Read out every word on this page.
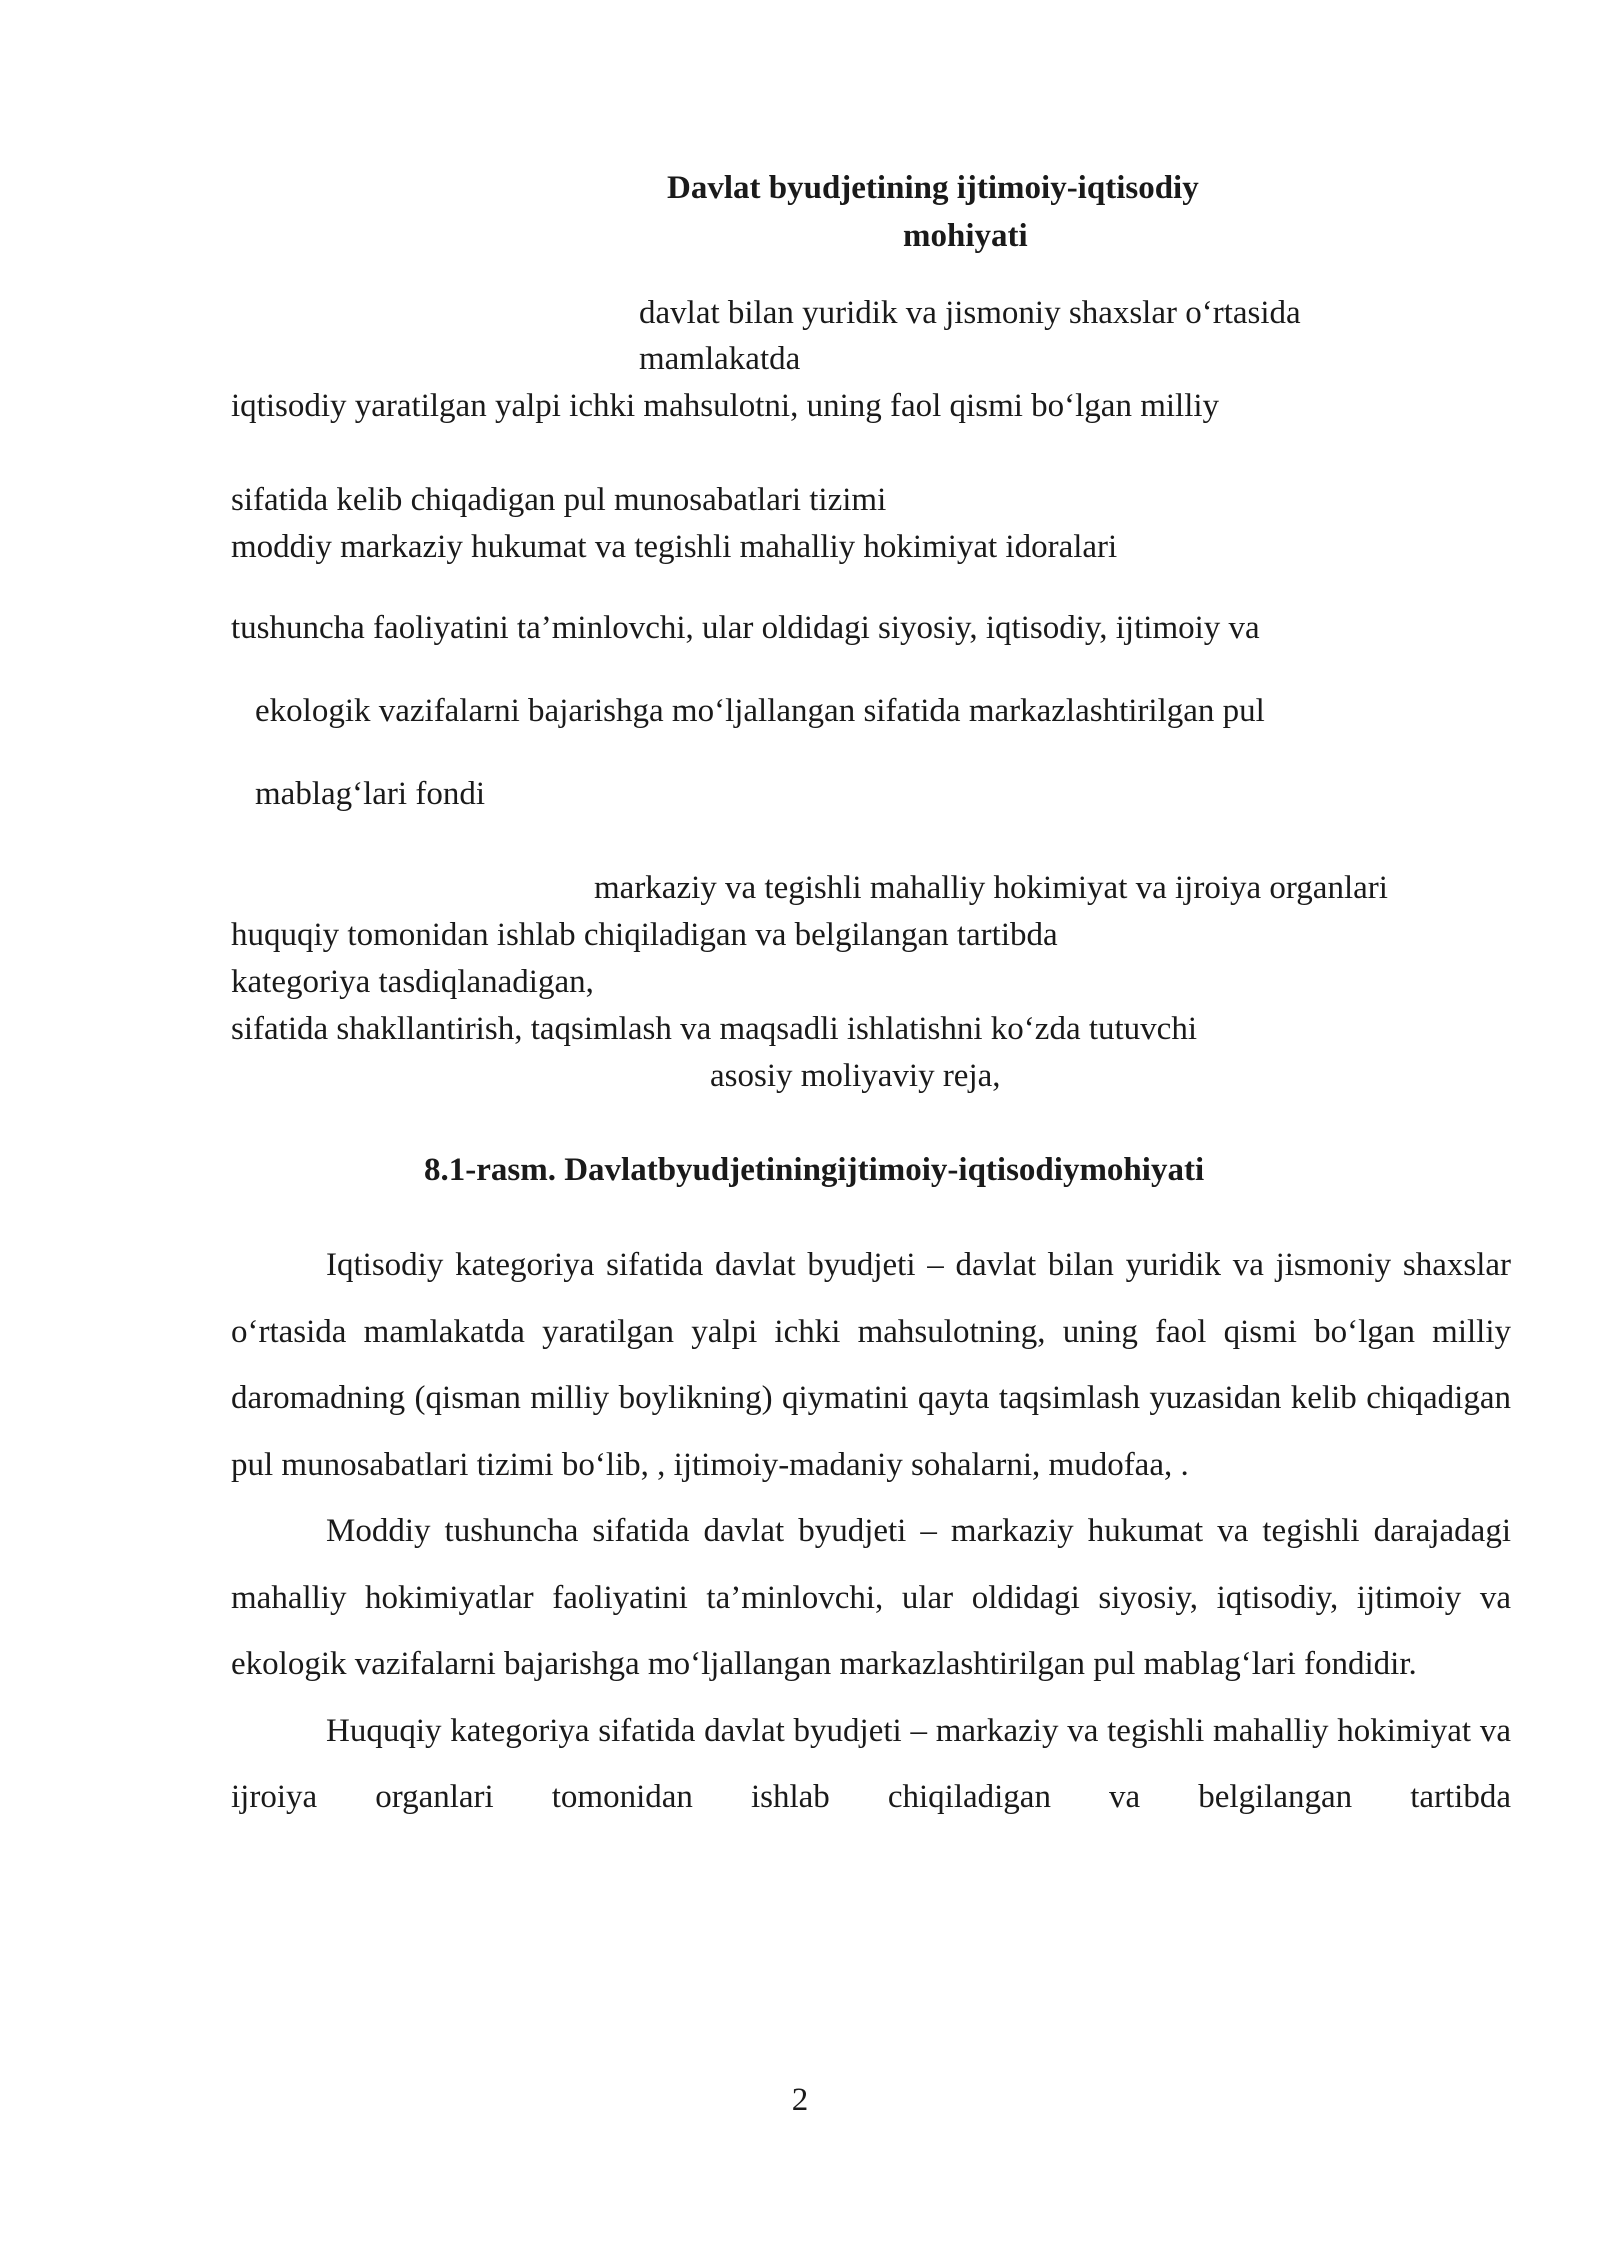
Davlat byudjetining ijtimoiy-iqtisodiy
mohiyati
davlat bilan yuridik va jismoniy shaxslar o‘rtasida
mamlakatda
iqtisodiy yaratilgan yalpi ichki mahsulotni, uning faol qismi bo‘lgan milliy
sifatida kelib chiqadigan pul munosabatlari tizimi
moddiy markaziy hukumat va tegishli mahalliy hokimiyat idoralari
tushuncha faoliyatini ta’minlovchi, ular oldidagi siyosiy, iqtisodiy, ijtimoiy va
ekologik vazifalarni bajarishga mo‘ljallangan sifatida markazlashtirilgan pul
mablag‘lari fondi
markaziy va tegishli mahalliy hokimiyat va ijroiya organlari
huquqiy tomonidan ishlab chiqiladigan va belgilangan tartibda
kategoriya tasdiqlanadigan,
sifatida shakllantirish, taqsimlash va maqsadli ishlatishni ko‘zda tutuvchi
asosiy moliyaviy reja,
8.1-rasm. Davlatbyudjetiningijtimoiy-iqtisodiymohiyati

Iqtisodiy kategoriya sifatida davlat byudjeti – davlat bilan yuridik va jismoniy shaxslar o‘rtasida mamlakatda yaratilgan yalpi ichki mahsulotning, uning faol qismi bo‘lgan milliy daromadning (qisman milliy boylikning) qiymatini qayta taqsimlash yuzasidan kelib chiqadigan pul munosabatlari tizimi bo‘lib, , ijtimoiy-madaniy sohalarni, mudofaa, .

Moddiy tushuncha sifatida davlat byudjeti – markaziy hukumat va tegishli darajadagi mahalliy hokimiyatlar faoliyatini ta’minlovchi, ular oldidagi siyosiy, iqtisodiy, ijtimoiy va ekologik vazifalarni bajarishga mo‘ljallangan markazlashtirilgan pul mablag‘lari fondidir.

Huquqiy kategoriya sifatida davlat byudjeti – markaziy va tegishli mahalliy hokimiyat va ijroiya organlari tomonidan ishlab chiqiladigan va belgilangan tartibda

2
